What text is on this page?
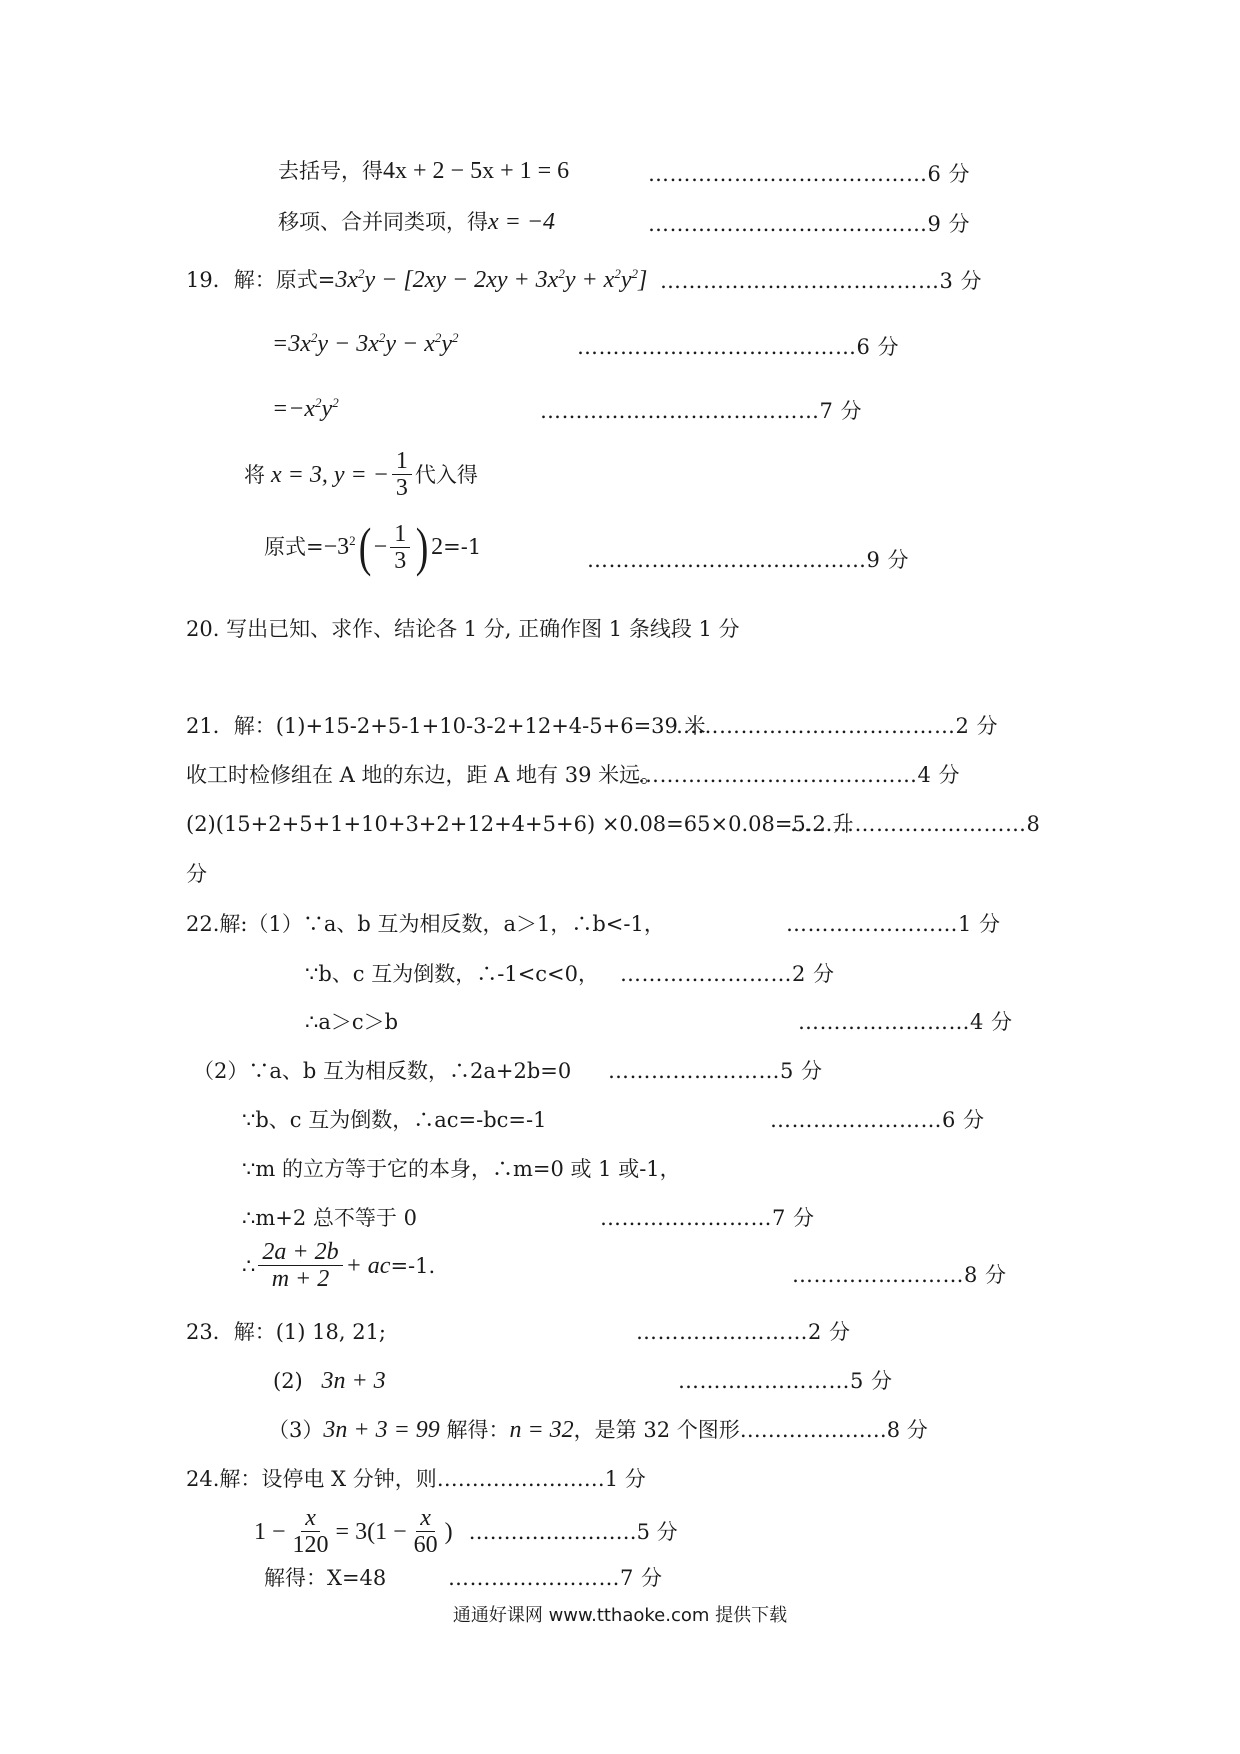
去括号，得4x + 2 − 5x + 1 = 6	…………………………………6 分
移项、合并同类项，得x = −4	…………………………………9 分
19．解：原式$=3x^2y - [2xy - 2xy + 3x^2y + x^2y^2]$ …………………………………3 分
$=3x^2y - 3x^2y - x^2y^2$	…………………………………6 分
$=-x^2y^2$	…………………………………7 分
将 x = 3, y = − $\frac{1}{3}$ 代入得
原式= $-3^2$ ( − $\frac{1}{3}$ ) 2 =-1
…………………………………9 分
20. 写出已知、求作、结论各 1 分, 正确作图 1 条线段 1 分
21．解：(1)+15-2+5-1+10-3-2+12+4-5+6=39 米
…………………………………2 分
收工时检修组在 A 地的东边，距 A 地有 39 米远。
…………………………………4 分
(2)(15+2+5+1+10+3+2+12+4+5+6) ×0.08=65×0.08=5.2 升
……………………………8
分
22.解:（1）∵a、b 互为相反数，a＞1，∴b<-1，	……………………1 分
∵b、c 互为倒数，∴-1<c<0， ……………………2 分
∴a＞c＞b	……………………4 分
（2）∵a、b 互为相反数，∴2a+2b=0 ……………………5 分
∵b、c 互为倒数，∴ac=-bc=-1	……………………6 分
∵m 的立方等于它的本身，∴m=0 或 1 或-1，
∴m+2 总不等于 0	……………………7 分
∴ $\frac{2a + 2b}{m + 2}$ + ac =-1.	……………………8 分
23．解：(1) 18, 21;	……………………2 分
(2) 3n + 3	……………………5 分
（3）3n + 3 = 99 解得：n = 32，是第 32 个图形…………………8 分
24.解：设停电 X 分钟，则……………………1 分
$1 - \frac{x}{120} = 3(1 - \frac{x}{60}$ ) ……………………5 分
解得：X=48	……………………7 分
通通好课网 www.tthaoke.com 提供下载
